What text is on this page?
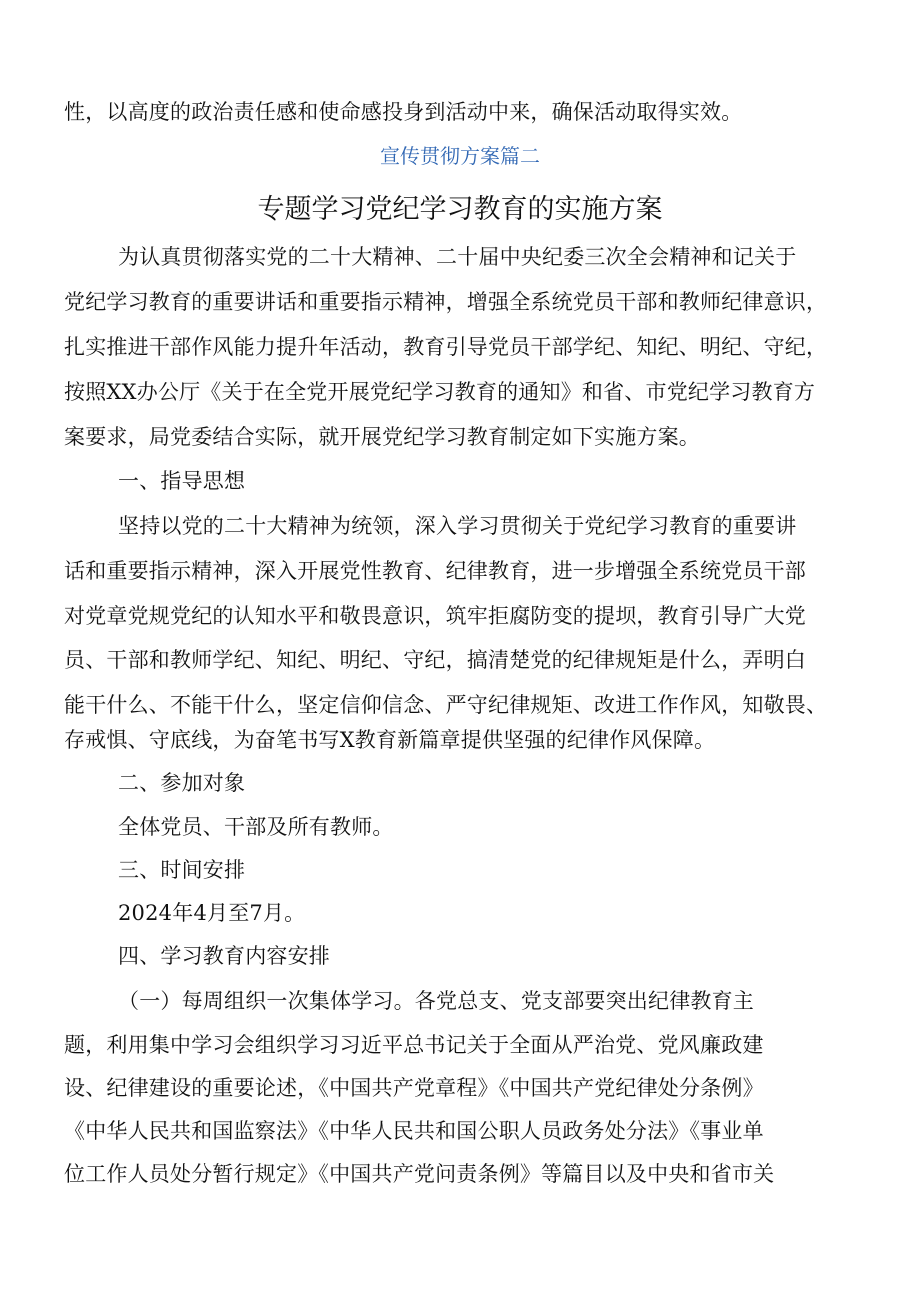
性，以高度的政治责任感和使命感投身到活动中来，确保活动取得实效。
宣传贯彻方案篇二
专题学习党纪学习教育的实施方案
为认真贯彻落实党的二十大精神、二十届中央纪委三次全会精神和记关于
党纪学习教育的重要讲话和重要指示精神，增强全系统党员干部和教师纪律意识，
扎实推进干部作风能力提升年活动，教育引导党员干部学纪、知纪、明纪、守纪，
按照XX办公厅《关于在全党开展党纪学习教育的通知》和省、市党纪学习教育方
案要求，局党委结合实际，就开展党纪学习教育制定如下实施方案。
一、指导思想
坚持以党的二十大精神为统领，深入学习贯彻关于党纪学习教育的重要讲
话和重要指示精神，深入开展党性教育、纪律教育，进一步增强全系统党员干部
对党章党规党纪的认知水平和敬畏意识，筑牢拒腐防变的提坝，教育引导广大党
员、干部和教师学纪、知纪、明纪、守纪，搞清楚党的纪律规矩是什么，弄明白
能干什么、不能干什么，坚定信仰信念、严守纪律规矩、改进工作作风，知敬畏、
存戒惧、守底线，为奋笔书写X教育新篇章提供坚强的纪律作风保障。
二、参加对象
全体党员、干部及所有教师。
三、时间安排
2024年4月至7月。
四、学习教育内容安排
（一）每周组织一次集体学习。各党总支、党支部要突出纪律教育主
题，利用集中学习会组织学习习近平总书记关于全面从严治党、党风廉政建
设、纪律建设的重要论述，《中国共产党章程》《中国共产党纪律处分条例》
《中华人民共和国监察法》《中华人民共和国公职人员政务处分法》《事业单
位工作人员处分暂行规定》《中国共产党问责条例》等篇目以及中央和省市关
